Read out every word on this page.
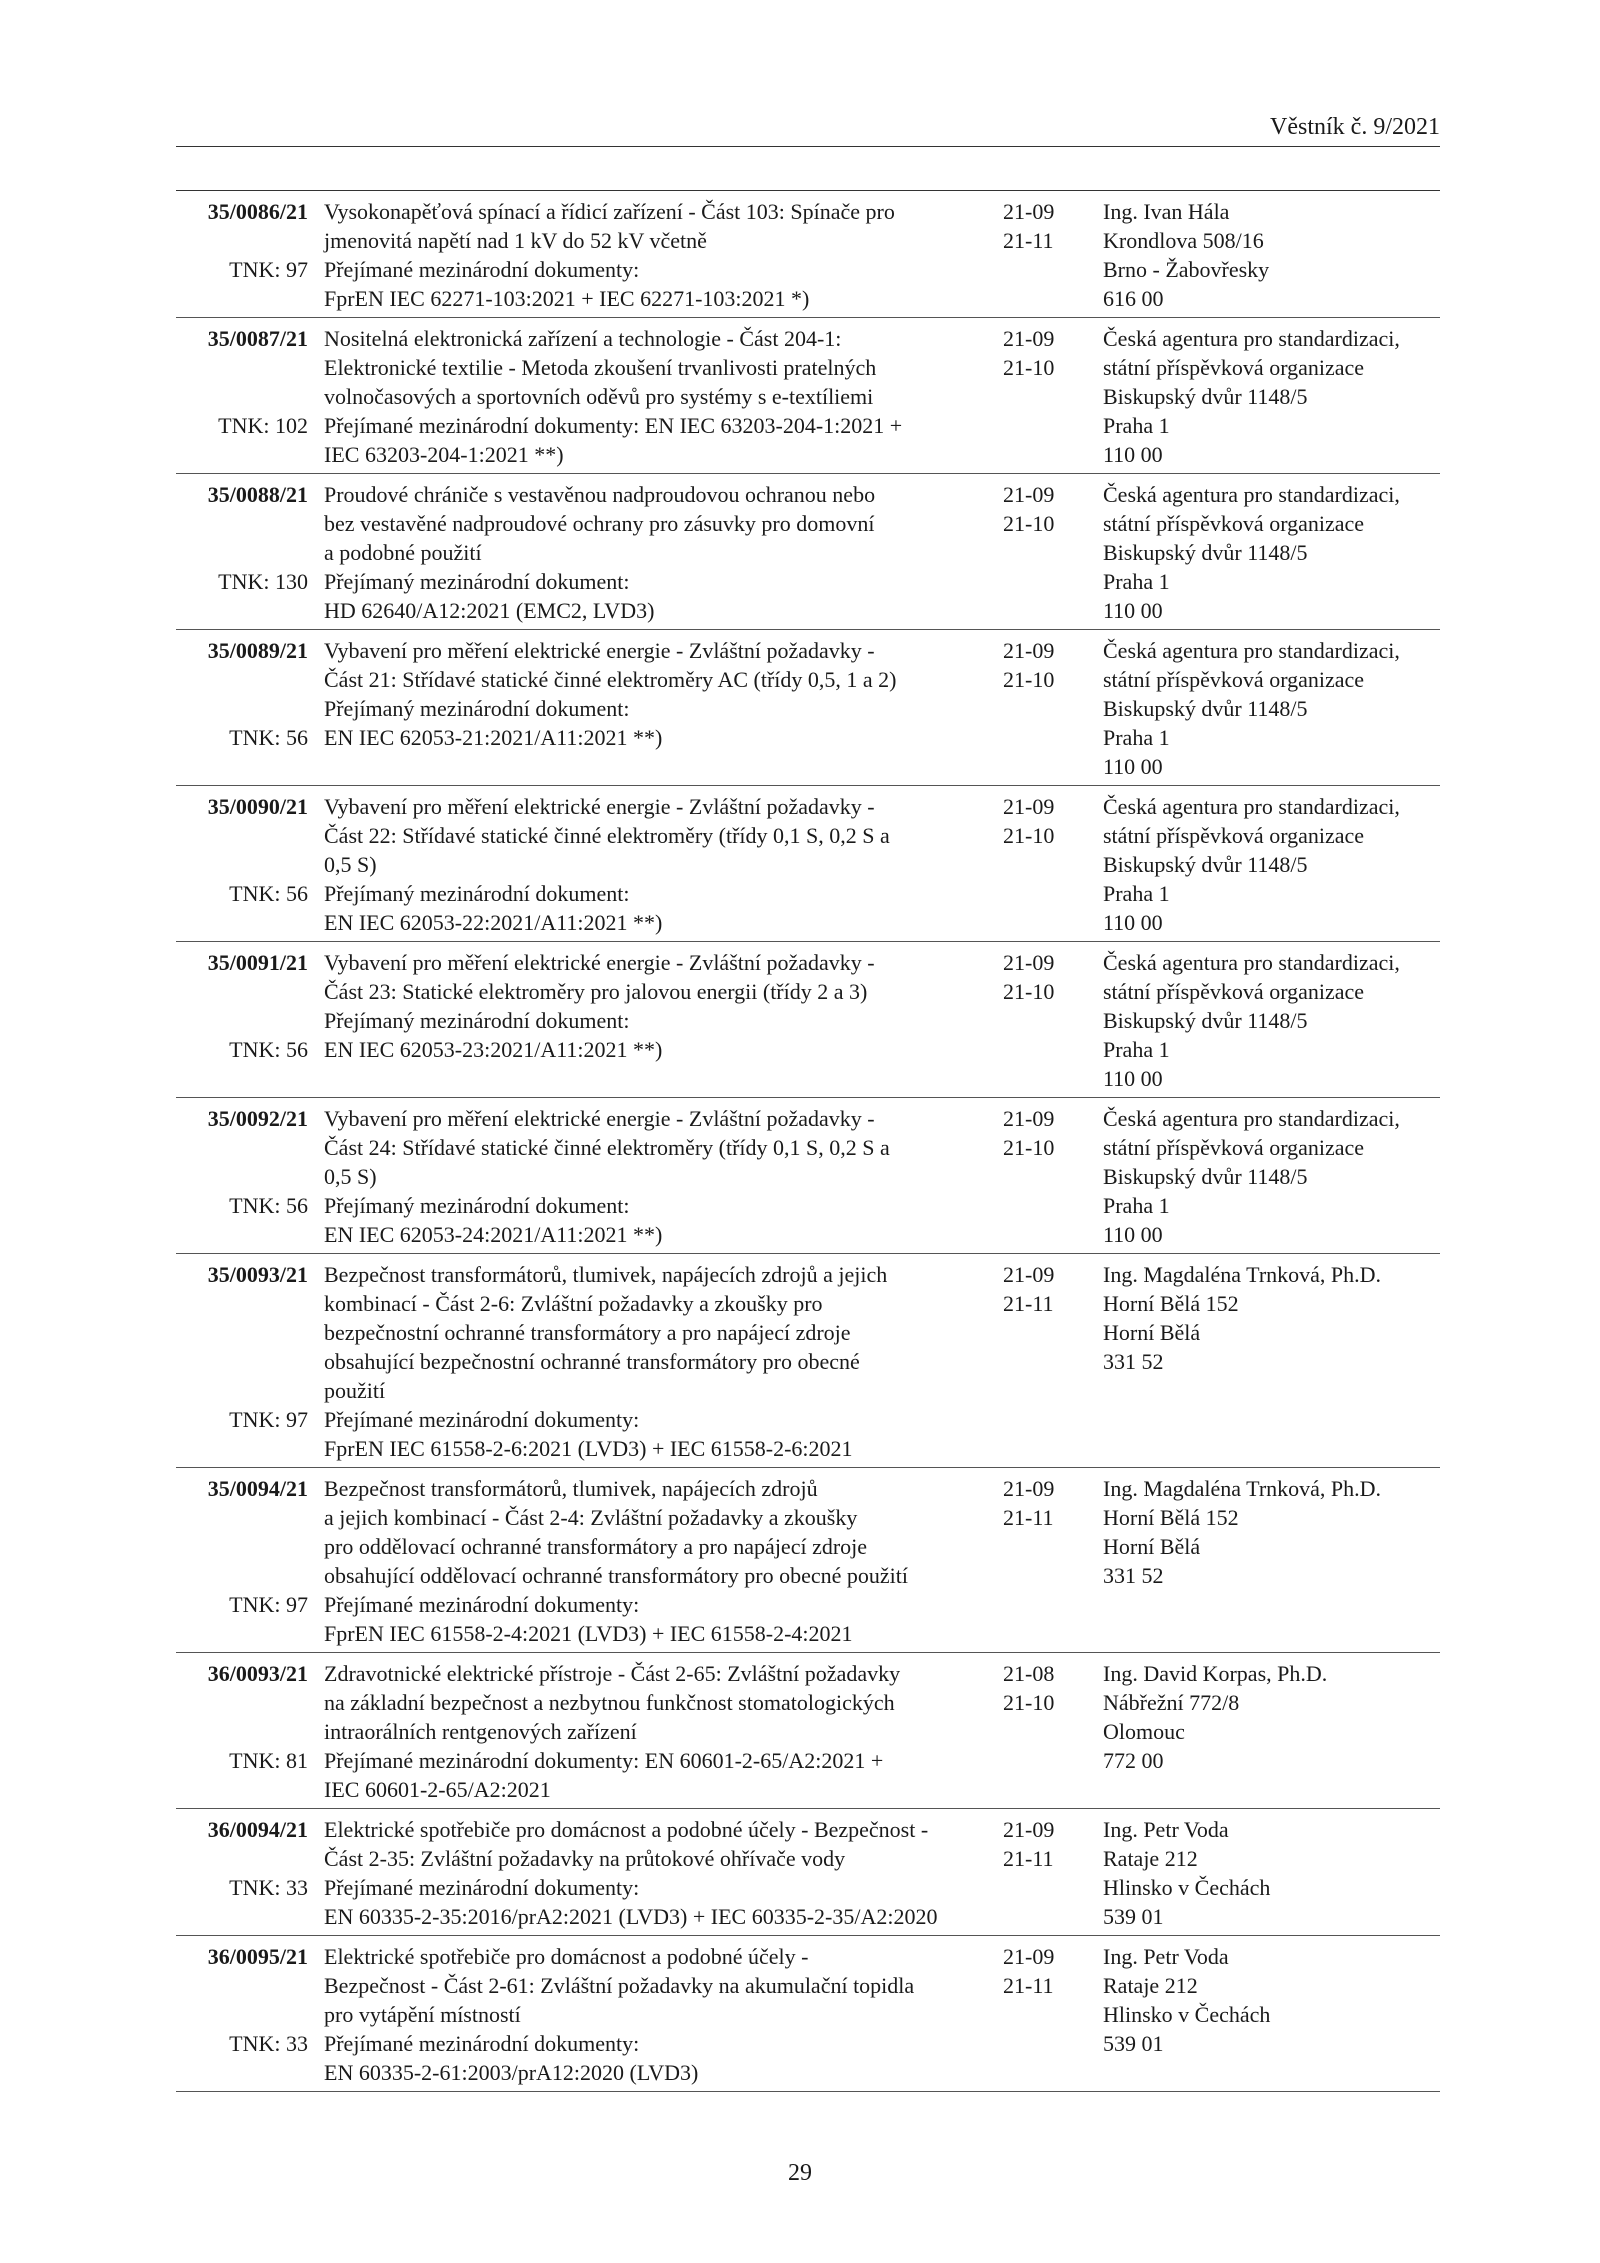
Věstník č. 9/2021
35/0086/21
TNK: 97
Vysokonapěťová spínací a řídicí zařízení - Část 103: Spínače pro
jmenovitá napětí nad 1 kV do 52 kV včetně
Přejímané mezinárodní dokumenty:
FprEN IEC 62271-103:2021 + IEC 62271-103:2021 *)
21-09
21-11
Ing. Ivan Hála
Krondlova 508/16
Brno - Žabovřesky
616 00
35/0087/21
TNK: 102
Nositelná elektronická zařízení a technologie - Část 204-1:
Elektronické textilie - Metoda zkoušení trvanlivosti pratelných
volnočasových a sportovních oděvů pro systémy s e-textíliemi
Přejímané mezinárodní dokumenty: EN IEC 63203-204-1:2021 +
IEC 63203-204-1:2021 **)
21-09
21-10
Česká agentura pro standardizaci,
státní příspěvková organizace
Biskupský dvůr 1148/5
Praha 1
110 00
35/0088/21
TNK: 130
Proudové chrániče s vestavěnou nadproudovou ochranou nebo
bez vestavěné nadproudové ochrany pro zásuvky pro domovní
a podobné použití
Přejímaný mezinárodní dokument:
HD 62640/A12:2021 (EMC2, LVD3)
21-09
21-10
Česká agentura pro standardizaci,
státní příspěvková organizace
Biskupský dvůr 1148/5
Praha 1
110 00
35/0089/21
TNK: 56
Vybavení pro měření elektrické energie - Zvláštní požadavky -
Část 21: Střídavé statické činné elektroměry AC (třídy 0,5, 1 a 2)
Přejímaný mezinárodní dokument:
EN IEC 62053-21:2021/A11:2021 **)
21-09
21-10
Česká agentura pro standardizaci,
státní příspěvková organizace
Biskupský dvůr 1148/5
Praha 1
110 00
35/0090/21
TNK: 56
Vybavení pro měření elektrické energie - Zvláštní požadavky -
Část 22: Střídavé statické činné elektroměry (třídy 0,1 S, 0,2 S a
0,5 S)
Přejímaný mezinárodní dokument:
EN IEC 62053-22:2021/A11:2021 **)
21-09
21-10
Česká agentura pro standardizaci,
státní příspěvková organizace
Biskupský dvůr 1148/5
Praha 1
110 00
35/0091/21
TNK: 56
Vybavení pro měření elektrické energie - Zvláštní požadavky -
Část 23: Statické elektroměry pro jalovou energii (třídy 2 a 3)
Přejímaný mezinárodní dokument:
EN IEC 62053-23:2021/A11:2021 **)
21-09
21-10
Česká agentura pro standardizaci,
státní příspěvková organizace
Biskupský dvůr 1148/5
Praha 1
110 00
35/0092/21
TNK: 56
Vybavení pro měření elektrické energie - Zvláštní požadavky -
Část 24: Střídavé statické činné elektroměry (třídy 0,1 S, 0,2 S a
0,5 S)
Přejímaný mezinárodní dokument:
EN IEC 62053-24:2021/A11:2021 **)
21-09
21-10
Česká agentura pro standardizaci,
státní příspěvková organizace
Biskupský dvůr 1148/5
Praha 1
110 00
35/0093/21
TNK: 97
Bezpečnost transformátorů, tlumivek, napájecích zdrojů a jejich
kombinací - Část 2-6: Zvláštní požadavky a zkoušky pro
bezpečnostní ochranné transformátory a pro napájecí zdroje
obsahující bezpečnostní ochranné transformátory pro obecné
použití
Přejímané mezinárodní dokumenty:
FprEN IEC 61558-2-6:2021 (LVD3) + IEC 61558-2-6:2021
21-09
21-11
Ing. Magdaléna Trnková, Ph.D.
Horní Bělá 152
Horní Bělá
331 52
35/0094/21
TNK: 97
Bezpečnost transformátorů, tlumivek, napájecích zdrojů
a jejich kombinací - Část 2-4: Zvláštní požadavky a zkoušky
pro oddělovací ochranné transformátory a pro napájecí zdroje
obsahující oddělovací ochranné transformátory pro obecné použití
Přejímané mezinárodní dokumenty:
FprEN IEC 61558-2-4:2021 (LVD3) + IEC 61558-2-4:2021
21-09
21-11
Ing. Magdaléna Trnková, Ph.D.
Horní Bělá 152
Horní Bělá
331 52
36/0093/21
TNK: 81
Zdravotnické elektrické přístroje - Část 2-65: Zvláštní požadavky
na základní bezpečnost a nezbytnou funkčnost stomatologických
intraorálních rentgenových zařízení
Přejímané mezinárodní dokumenty: EN 60601-2-65/A2:2021 +
IEC 60601-2-65/A2:2021
21-08
21-10
Ing. David Korpas, Ph.D.
Nábřežní 772/8
Olomouc
772 00
36/0094/21
TNK: 33
Elektrické spotřebiče pro domácnost a podobné účely - Bezpečnost -
Část 2-35: Zvláštní požadavky na průtokové ohřívače vody
Přejímané mezinárodní dokumenty:
EN 60335-2-35:2016/prA2:2021 (LVD3) + IEC 60335-2-35/A2:2020
21-09
21-11
Ing. Petr Voda
Rataje 212
Hlinsko v Čechách
539 01
36/0095/21
TNK: 33
Elektrické spotřebiče pro domácnost a podobné účely -
Bezpečnost - Část 2-61: Zvláštní požadavky na akumulační topidla
pro vytápění místností
Přejímané mezinárodní dokumenty:
EN 60335-2-61:2003/prA12:2020 (LVD3)
21-09
21-11
Ing. Petr Voda
Rataje 212
Hlinsko v Čechách
539 01
29
